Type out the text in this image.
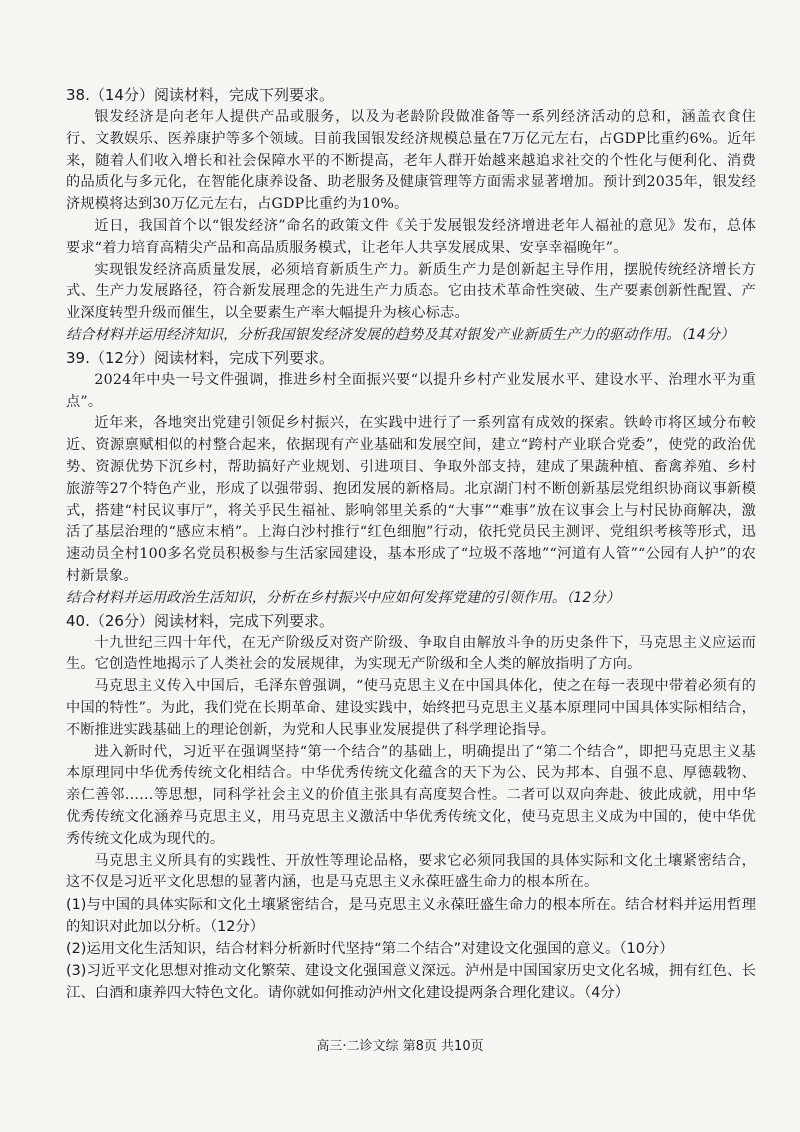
38.（14分）阅读材料，完成下列要求。

银发经济是向老年人提供产品或服务，以及为老龄阶段做准备等一系列经济活动的总和，涵盖衣食住行、文教娱乐、医养康护等多个领域。目前我国银发经济规模总量在7万亿元左右，占GDP比重约6%。近年来，随着人们收入增长和社会保障水平的不断提高，老年人群开始越来越追求社交的个性化与便利化、消费的品质化与多元化，在智能化康养设备、助老服务及健康管理等方面需求显著增加。预计到2035年，银发经济规模将达到30万亿元左右，占GDP比重约为10%。

近日，我国首个以“银发经济”命名的政策文件《关于发展银发经济增进老年人福祉的意见》发布，总体要求“着力培育高精尖产品和高品质服务模式，让老年人共享发展成果、安享幸福晚年”。

实现银发经济高质量发展，必须培育新质生产力。新质生产力是创新起主导作用，摆脱传统经济增长方式、生产力发展路径，符合新发展理念的先进生产力质态。它由技术革命性突破、生产要素创新性配置、产业深度转型升级而催生，以全要素生产率大幅提升为核心标志。

结合材料并运用经济知识，分析我国银发经济发展的趋势及其对银发产业新质生产力的驱动作用。（14分）

39.（12分）阅读材料，完成下列要求。

2024年中央一号文件强调，推进乡村全面振兴要“以提升乡村产业发展水平、建设水平、治理水平为重点”。

近年来，各地突出党建引领促乡村振兴，在实践中进行了一系列富有成效的探索。铁岭市将区域分布較近、资源禀赋相似的村整合起来，依据现有产业基础和发展空间，建立“跨村产业联合党委”，使党的政治优势、资源优势下沉乡村，帮助搞好产业规划、引进项目、争取外部支持，建成了果蔬种植、畜禽养殖、乡村旅游等27个特色产业，形成了以强带弱、抱团发展的新格局。北京湖门村不断创新基层党组织协商议事新模式，搭建“村民议事厅”，将关乎民生福祉、影响邻里关系的“大事”“难事”放在议事会上与村民协商解决，激活了基层治理的“感应末梢”。上海白沙村推行“红色细胞”行动，依托党员民主测评、党组织考核等形式，迅速动员全村100多名党员积极参与生活家园建设，基本形成了“垃圾不落地”“河道有人管”“公园有人护”的农村新景象。

结合材料并运用政治生活知识，分析在乡村振兴中应如何发挥党建的引领作用。（12分）

40.（26分）阅读材料，完成下列要求。

十九世纪三四十年代，在无产阶级反对资产阶级、争取自由解放斗争的历史条件下，马克思主义应运而生。它创造性地揭示了人类社会的发展规律，为实现无产阶级和全人类的解放指明了方向。

马克思主义传入中国后，毛泽东曾强调，“使马克思主义在中国具体化，使之在每一表现中带着必须有的中国的特性”。为此，我们党在长期革命、建设实践中，始终把马克思主义基本原理同中国具体实际相结合，不断推进实践基础上的理论创新，为党和人民事业发展提供了科学理论指导。

进入新时代，习近平在强调坚持“第一个结合”的基础上，明确提出了“第二个结合”，即把马克思主义基本原理同中华优秀传统文化相结合。中华优秀传统文化蕴含的天下为公、民为邦本、自强不息、厚德载物、亲仁善邻……等思想，同科学社会主义的价值主张具有高度契合性。二者可以双向奔赴、彼此成就，用中华优秀传统文化涵养马克思主义，用马克思主义激活中华优秀传统文化，使马克思主义成为中国的，使中华优秀传统文化成为现代的。

马克思主义所具有的实践性、开放性等理论品格，要求它必须同我国的具体实际和文化土壤紧密结合，这不仅是习近平文化思想的显著内涵，也是马克思主义永葆旺盛生命力的根本所在。

(1)与中国的具体实际和文化土壤紧密结合，是马克思主义永葆旺盛生命力的根本所在。结合材料并运用哲理的知识对此加以分析。（12分）

(2)运用文化生活知识，结合材料分析新时代坚持“第二个结合”对建设文化强国的意义。（10分）

(3)习近平文化思想对推动文化繁荣、建设文化强国意义深远。泸州是中国国家历史文化名城，拥有红色、长江、白酒和康养四大特色文化。请你就如何推动泸州文化建设提两条合理化建议。（4分）

高三·二诊文综 第8页 共10页
